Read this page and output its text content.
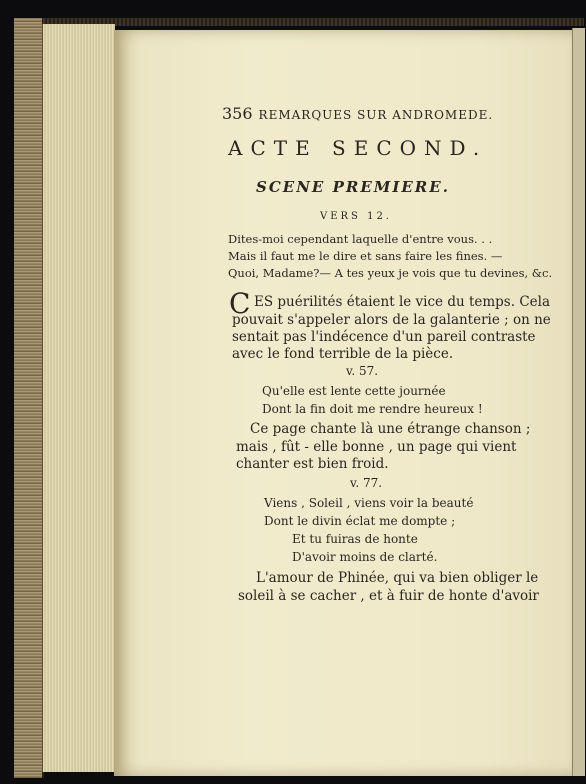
356 REMARQUES SUR ANDROMEDE.
ACTE SECOND.
SCENE PREMIERE.
VERS 12.
Dites-moi cependant laquelle d'entre vous. . .
Mais il faut me le dire et sans faire les fines. —
Quoi, Madame?— A tes yeux je vois que tu devines, &c.
C ES puérilités étaient le vice du temps. Cela
pouvait s'appeler alors de la galanterie ; on ne
sentait pas l'indécence d'un pareil contraste
avec le fond terrible de la pièce.
v. 57.
Qu'elle est lente cette journée
Dont la fin doit me rendre heureux !
Ce page chante là une étrange chanson ;
mais , fût - elle bonne , un page qui vient
chanter est bien froid.
v. 77.
Viens , Soleil , viens voir la beauté
Dont le divin éclat me dompte ;
Et tu fuiras de honte
D'avoir moins de clarté.
L'amour de Phinée, qui va bien obliger le
soleil à se cacher , et à fuir de honte d'avoir
